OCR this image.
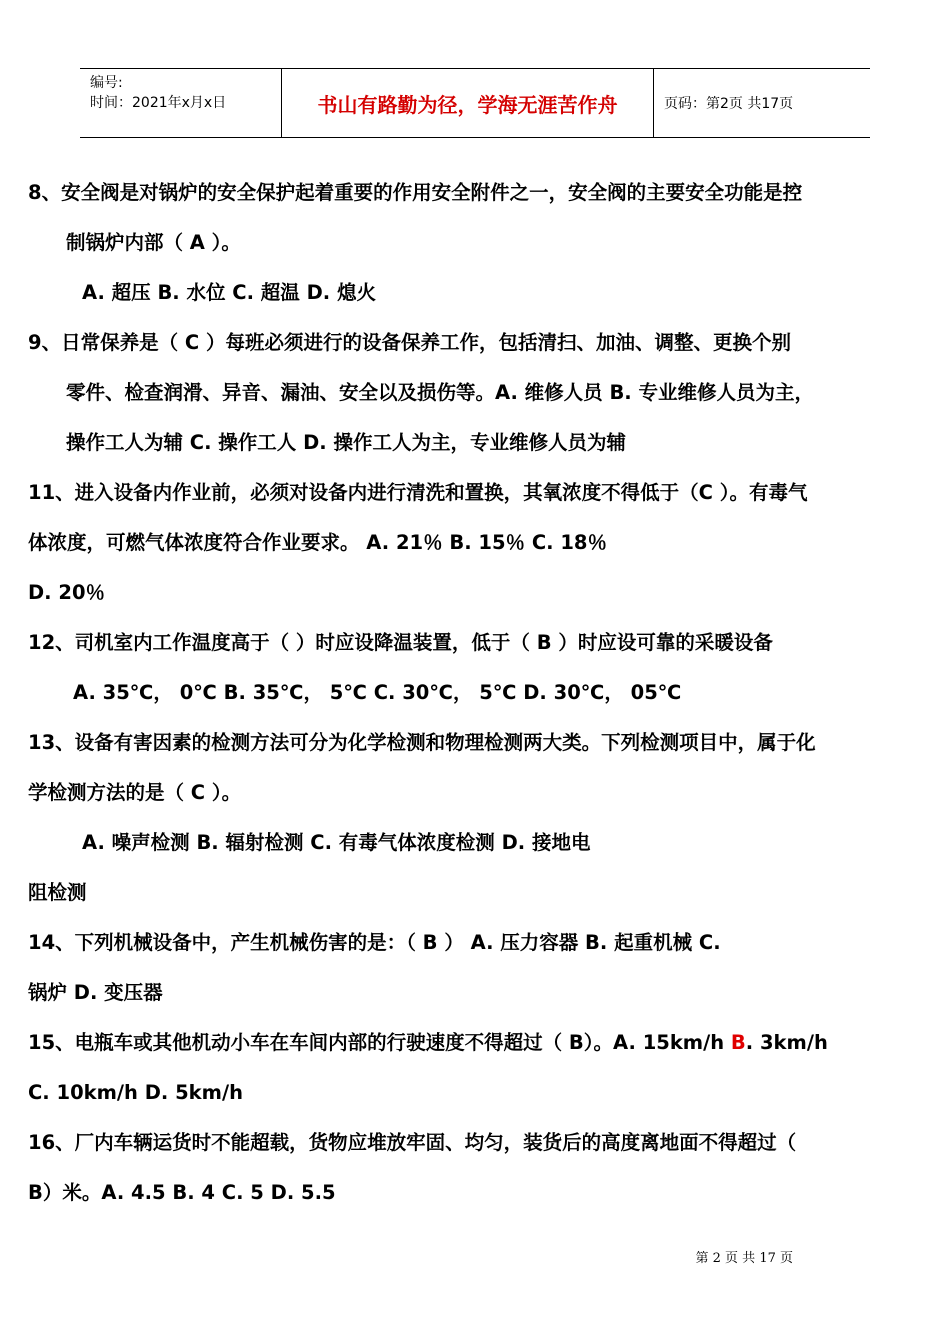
编号:
时间：2021年x月x日	书山有路勤为径，学海无涯苦作舟	页码：第2页 共17页
8、安全阀是对锅炉的安全保护起着重要的作用安全附件之一，安全阀的主要安全功能是控
制锅炉内部（ A ）。
A. 超压 B. 水位 C. 超温 D. 熄火
9、日常保养是（ C ）每班必须进行的设备保养工作，包括清扫、加油、调整、更换个别
零件、检查润滑、异音、漏油、安全以及损伤等。A. 维修人员 B. 专业维修人员为主，
操作工人为辅 C. 操作工人 D. 操作工人为主，专业维修人员为辅
11、进入设备内作业前，必须对设备内进行清洗和置换，其氧浓度不得低于（C ）。有毒气
体浓度，可燃气体浓度符合作业要求。 A. 21％ B. 15％ C. 18％
D. 20％
12、司机室内工作温度高于（ ）时应设降温装置，低于（ B ）时应设可靠的采暖设备
A. 35℃， 0℃ B. 35℃， 5℃ C. 30℃， 5℃ D. 30℃， 05℃
13、设备有害因素的检测方法可分为化学检测和物理检测两大类。下列检测项目中，属于化
学检测方法的是（ C ）。
A. 噪声检测 B. 辐射检测 C. 有毒气体浓度检测 D. 接地电
阻检测
14、下列机械设备中，产生机械伤害的是：（ B ） A. 压力容器 B. 起重机械 C.
锅炉 D. 变压器
15、电瓶车或其他机动小车在车间内部的行驶速度不得超过（ B）。A. 15km/h B. 3km/h
C. 10km/h D. 5km/h
16、厂内车辆运货时不能超载，货物应堆放牢固、均匀，装货后的高度离地面不得超过（
B）米。A. 4.5 B. 4 C. 5 D. 5.5
第 2 页 共 17 页
